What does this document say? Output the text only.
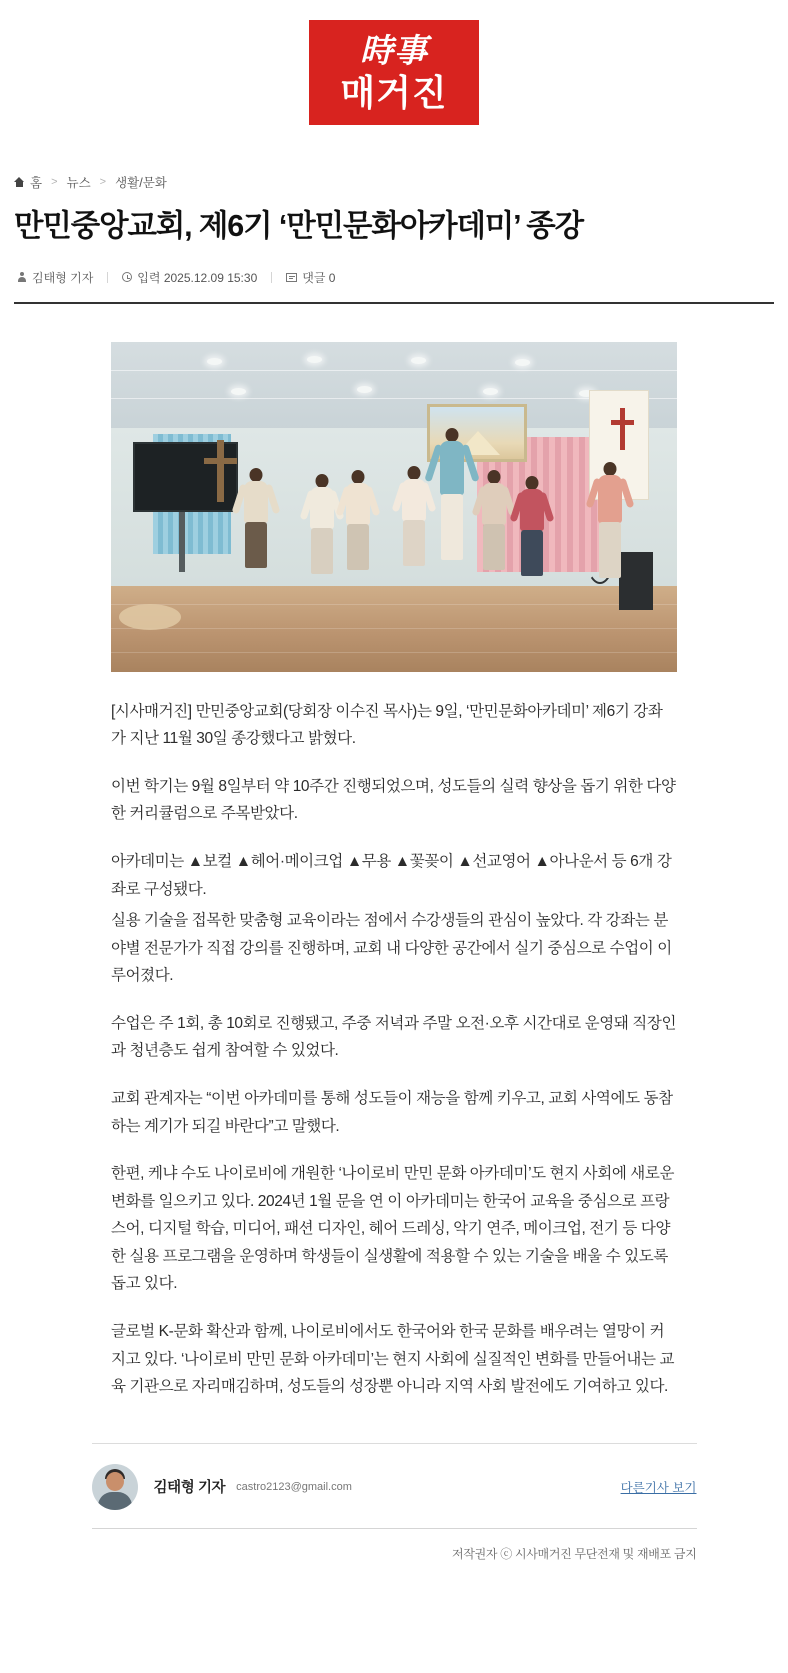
時事
매거진
홈 > 뉴스 > 생활/문화
만민중앙교회, 제6기 ‘만민문화아카데미’ 종강
김태형 기자	입력 2025.12.09 15:30	댓글 0

[시사매거진] 만민중앙교회(당회장 이수진 목사)는 9일, ‘만민문화아카데미’ 제6기 강좌가 지난 11월 30일 종강했다고 밝혔다.

이번 학기는 9월 8일부터 약 10주간 진행되었으며, 성도들의 실력 향상을 돕기 위한 다양한 커리큘럼으로 주목받았다.

아카데미는 ▲보컬 ▲헤어·메이크업 ▲무용 ▲꽃꽂이 ▲선교영어 ▲아나운서 등 6개 강좌로 구성됐다.

실용 기술을 접목한 맞춤형 교육이라는 점에서 수강생들의 관심이 높았다. 각 강좌는 분야별 전문가가 직접 강의를 진행하며, 교회 내 다양한 공간에서 실기 중심으로 수업이 이루어졌다.

수업은 주 1회, 총 10회로 진행됐고, 주중 저녁과 주말 오전·오후 시간대로 운영돼 직장인과 청년층도 쉽게 참여할 수 있었다.

교회 관계자는 “이번 아카데미를 통해 성도들이 재능을 함께 키우고, 교회 사역에도 동참하는 계기가 되길 바란다”고 말했다.

한편, 케냐 수도 나이로비에 개원한 ‘나이로비 만민 문화 아카데미’도 현지 사회에 새로운 변화를 일으키고 있다. 2024년 1월 문을 연 이 아카데미는 한국어 교육을 중심으로 프랑스어, 디지털 학습, 미디어, 패션 디자인, 헤어 드레싱, 악기 연주, 메이크업, 전기 등 다양한 실용 프로그램을 운영하며 학생들이 실생활에 적용할 수 있는 기술을 배울 수 있도록 돕고 있다.

글로벌 K-문화 확산과 함께, 나이로비에서도 한국어와 한국 문화를 배우려는 열망이 커지고 있다. ‘나이로비 만민 문화 아카데미’는 현지 사회에 실질적인 변화를 만들어내는 교육 기관으로 자리매김하며, 성도들의 성장뿐 아니라 지역 사회 발전에도 기여하고 있다.

김태형 기자 castro2123@gmail.com	다른기사 보기
저작권자 ⓒ 시사매거진 무단전재 및 재배포 금지
